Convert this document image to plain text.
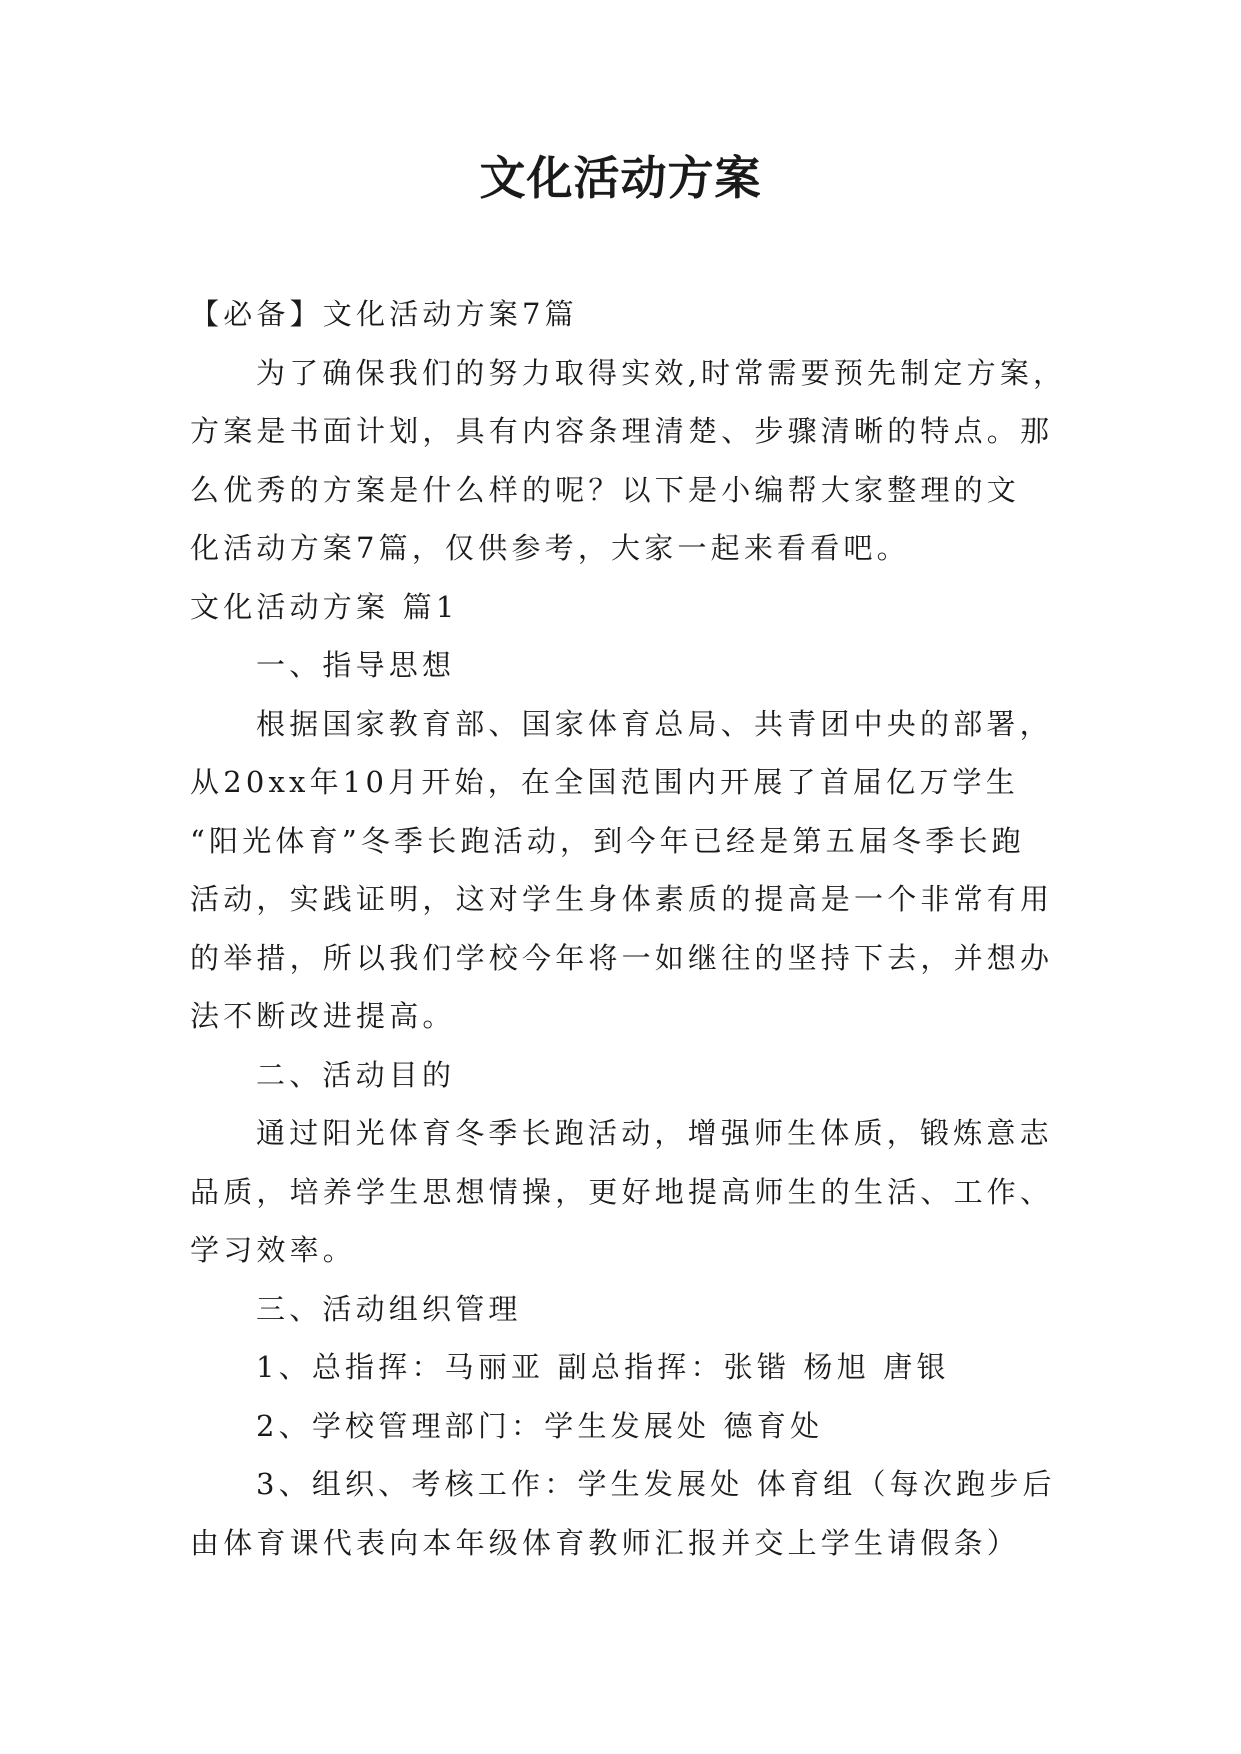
文化活动方案

【必备】文化活动方案7篇

为了确保我们的努力取得实效,时常需要预先制定方案，

方案是书面计划，具有内容条理清楚、步骤清晰的特点。那

么优秀的方案是什么样的呢？以下是小编帮大家整理的文

化活动方案7篇，仅供参考，大家一起来看看吧。

文化活动方案 篇1

一、指导思想

根据国家教育部、国家体育总局、共青团中央的部署，

从20xx年10月开始，在全国范围内开展了首届亿万学生

“阳光体育”冬季长跑活动，到今年已经是第五届冬季长跑

活动，实践证明，这对学生身体素质的提高是一个非常有用

的举措，所以我们学校今年将一如继往的坚持下去，并想办

法不断改进提高。

二、活动目的

通过阳光体育冬季长跑活动，增强师生体质，锻炼意志

品质，培养学生思想情操，更好地提高师生的生活、工作、

学习效率。

三、活动组织管理

1、总指挥：马丽亚 副总指挥：张锴 杨旭 唐银

2、学校管理部门：学生发展处 德育处

3、组织、考核工作：学生发展处 体育组（每次跑步后

由体育课代表向本年级体育教师汇报并交上学生请假条）
